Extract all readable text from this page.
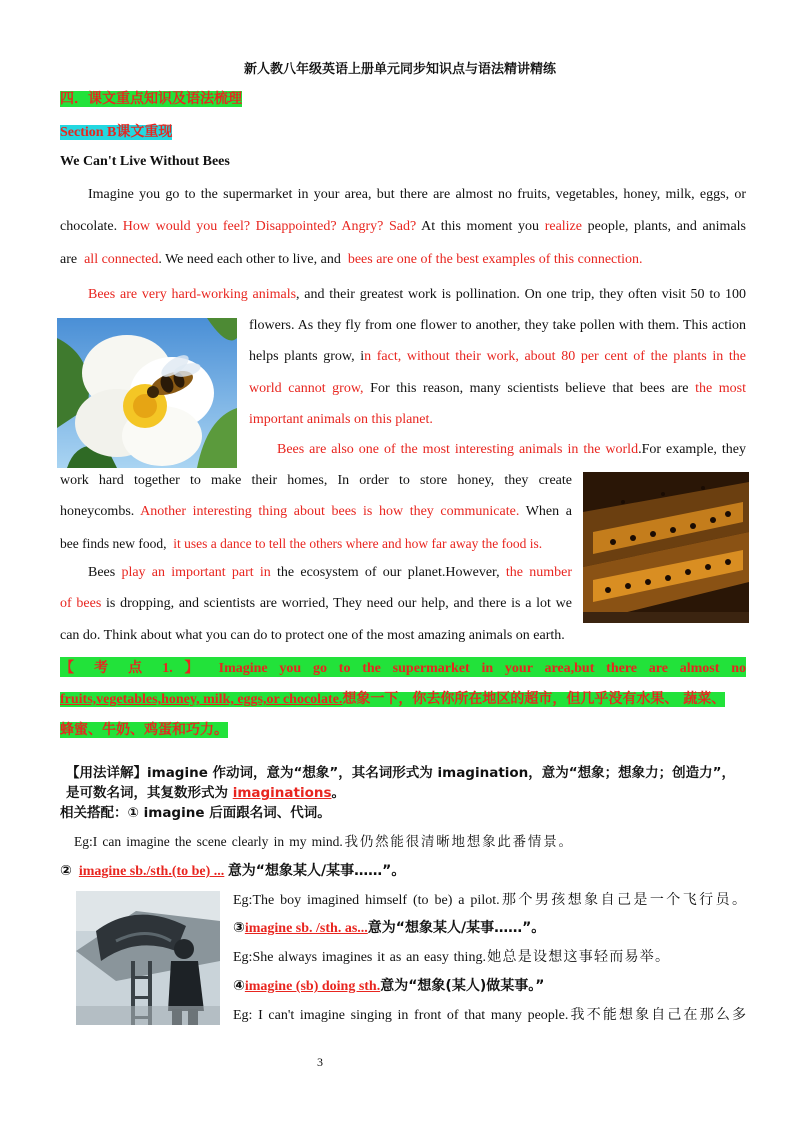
新人教八年级英语上册单元同步知识点与语法精讲精练
四．课文重点知识及语法梳理
Section B课文重现
We Can't Live Without Bees
Imagine you go to the supermarket in your area, but there are almost no fruits, vegetables, honey, milk, eggs, or
chocolate. How would you feel? Disappointed? Angry? Sad? At this moment you realize people, plants, and animals
are all connected. We need each other to live, and bees are one of the best examples of this connection.
Bees are very hard-working animals, and their greatest work is pollination. On one trip, they often visit 50 to 100
flowers. As they fly from one flower to another, they take pollen with them. This action
helps plants grow, in fact, without their work, about 80 per cent of the plants in the
world cannot grow, For this reason, many scientists believe that bees are the most
important animals on this planet.
Bees are also one of the most interesting animals in the world.For example, they
work hard together to make their homes, In order to store honey, they create
honeycombs. Another interesting thing about bees is how they communicate. When a
bee finds new food, it uses a dance to tell the others where and how far away the food is.
Bees play an important part in the ecosystem of our planet.However, the number
of bees is dropping, and scientists are worried, They need our help, and there is a lot we
can do. Think about what you can do to protect one of the most amazing animals on earth.
【 考 点 1. 】 Imagine you go to the supermarket in your area,but there are almost no
fruits,vegetables,honey, milk, eggs,or chocolate.想象一下，你去你所在地区的超市，但几乎没有水果、 蔬菜、
蜂蜜、牛奶、鸡蛋和巧力。
【用法详解】imagine 作动词，意为“想象”，其名词形式为 imagination，意为“想象；想象力；创造力”，
是可数名词，其复数形式为 imaginations。
相关搭配：① imagine 后面跟名词、代词。
Eg:I can imagine the scene clearly in my mind.我仍然能很清晰地想象此番情景。
② imagine sb./sth.(to be) ... 意为“想象某人/某事……”。
Eg:The boy imagined himself (to be) a pilot.那个男孩想象自己是一个飞行员。
③imagine sb. /sth. as...意为“想象某人/某事……”。
Eg:She always imagines it as an easy thing.她总是设想这事轻而易举。
④imagine (sb) doing sth.意为“想象(某人)做某事。”
Eg: I can't imagine singing in front of that many people.我不能想象自己在那么多
3
